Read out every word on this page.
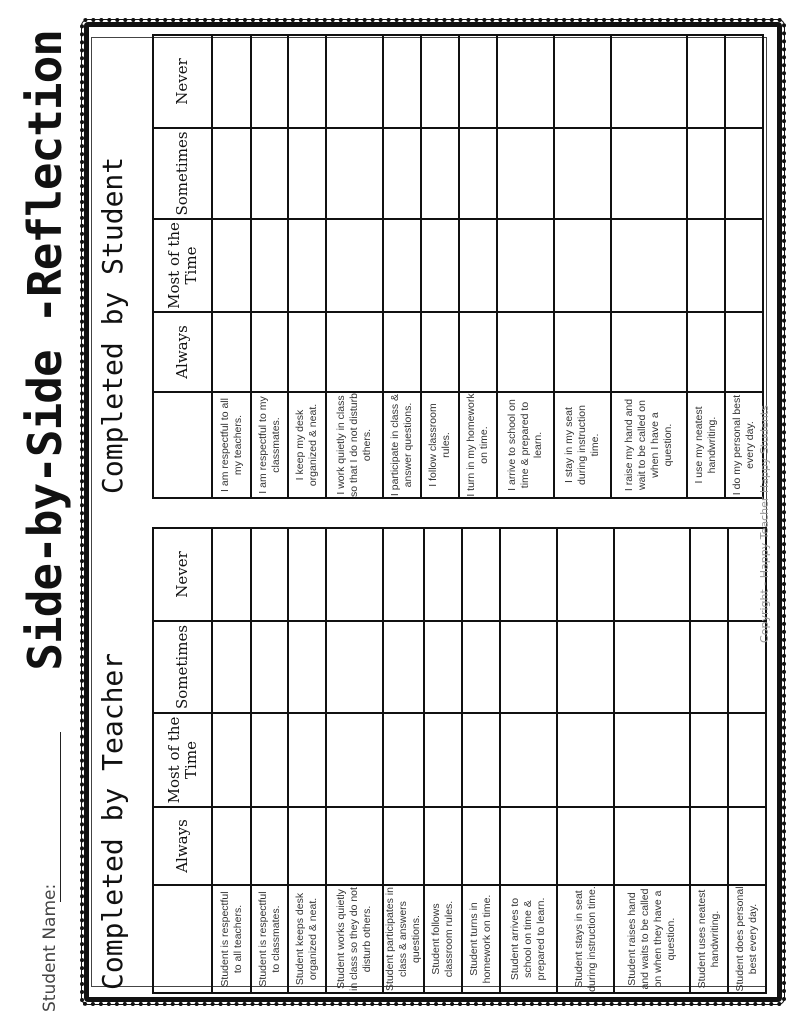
Student Name:
Side-by-Side -Reflection
Completed by Teacher
Completed by Student
	Always	Most of the Time	Sometimes	Never
Student is respectful to all teachers.				
Student is respectful to classmates.				
Student keeps desk organized & neat.				
Student works quietly in class so they do not disturb others.				
Student participates in class & answers questions.				
Student follows classroom rules.				
Student turns in homework on time.				
Student arrives to school on time & prepared to learn.				
Student stays in seat during instruction time.				
Student raises hand and waits to be called on when they have a question.				
Student uses neatest handwriting.				
Student does personal best every day.				
	Always	Most of the Time	Sometimes	Never
I am respectful to all my teachers.				
I am respectful to my classmates.				
I keep my desk organized & neat.				
I work quietly in class so that I do not disturb others.				
I participate in class & answer questions.				
I follow classroom rules.				
I turn in my homework on time.				
I arrive to school on time & prepared to learn.				
I stay in my seat during instruction time.				
I raise my hand and wait to be called on when I have a question.				
I use my neatest handwriting.				
I do my personal best every day.				Copyright - Happy Teacher Happy Students
